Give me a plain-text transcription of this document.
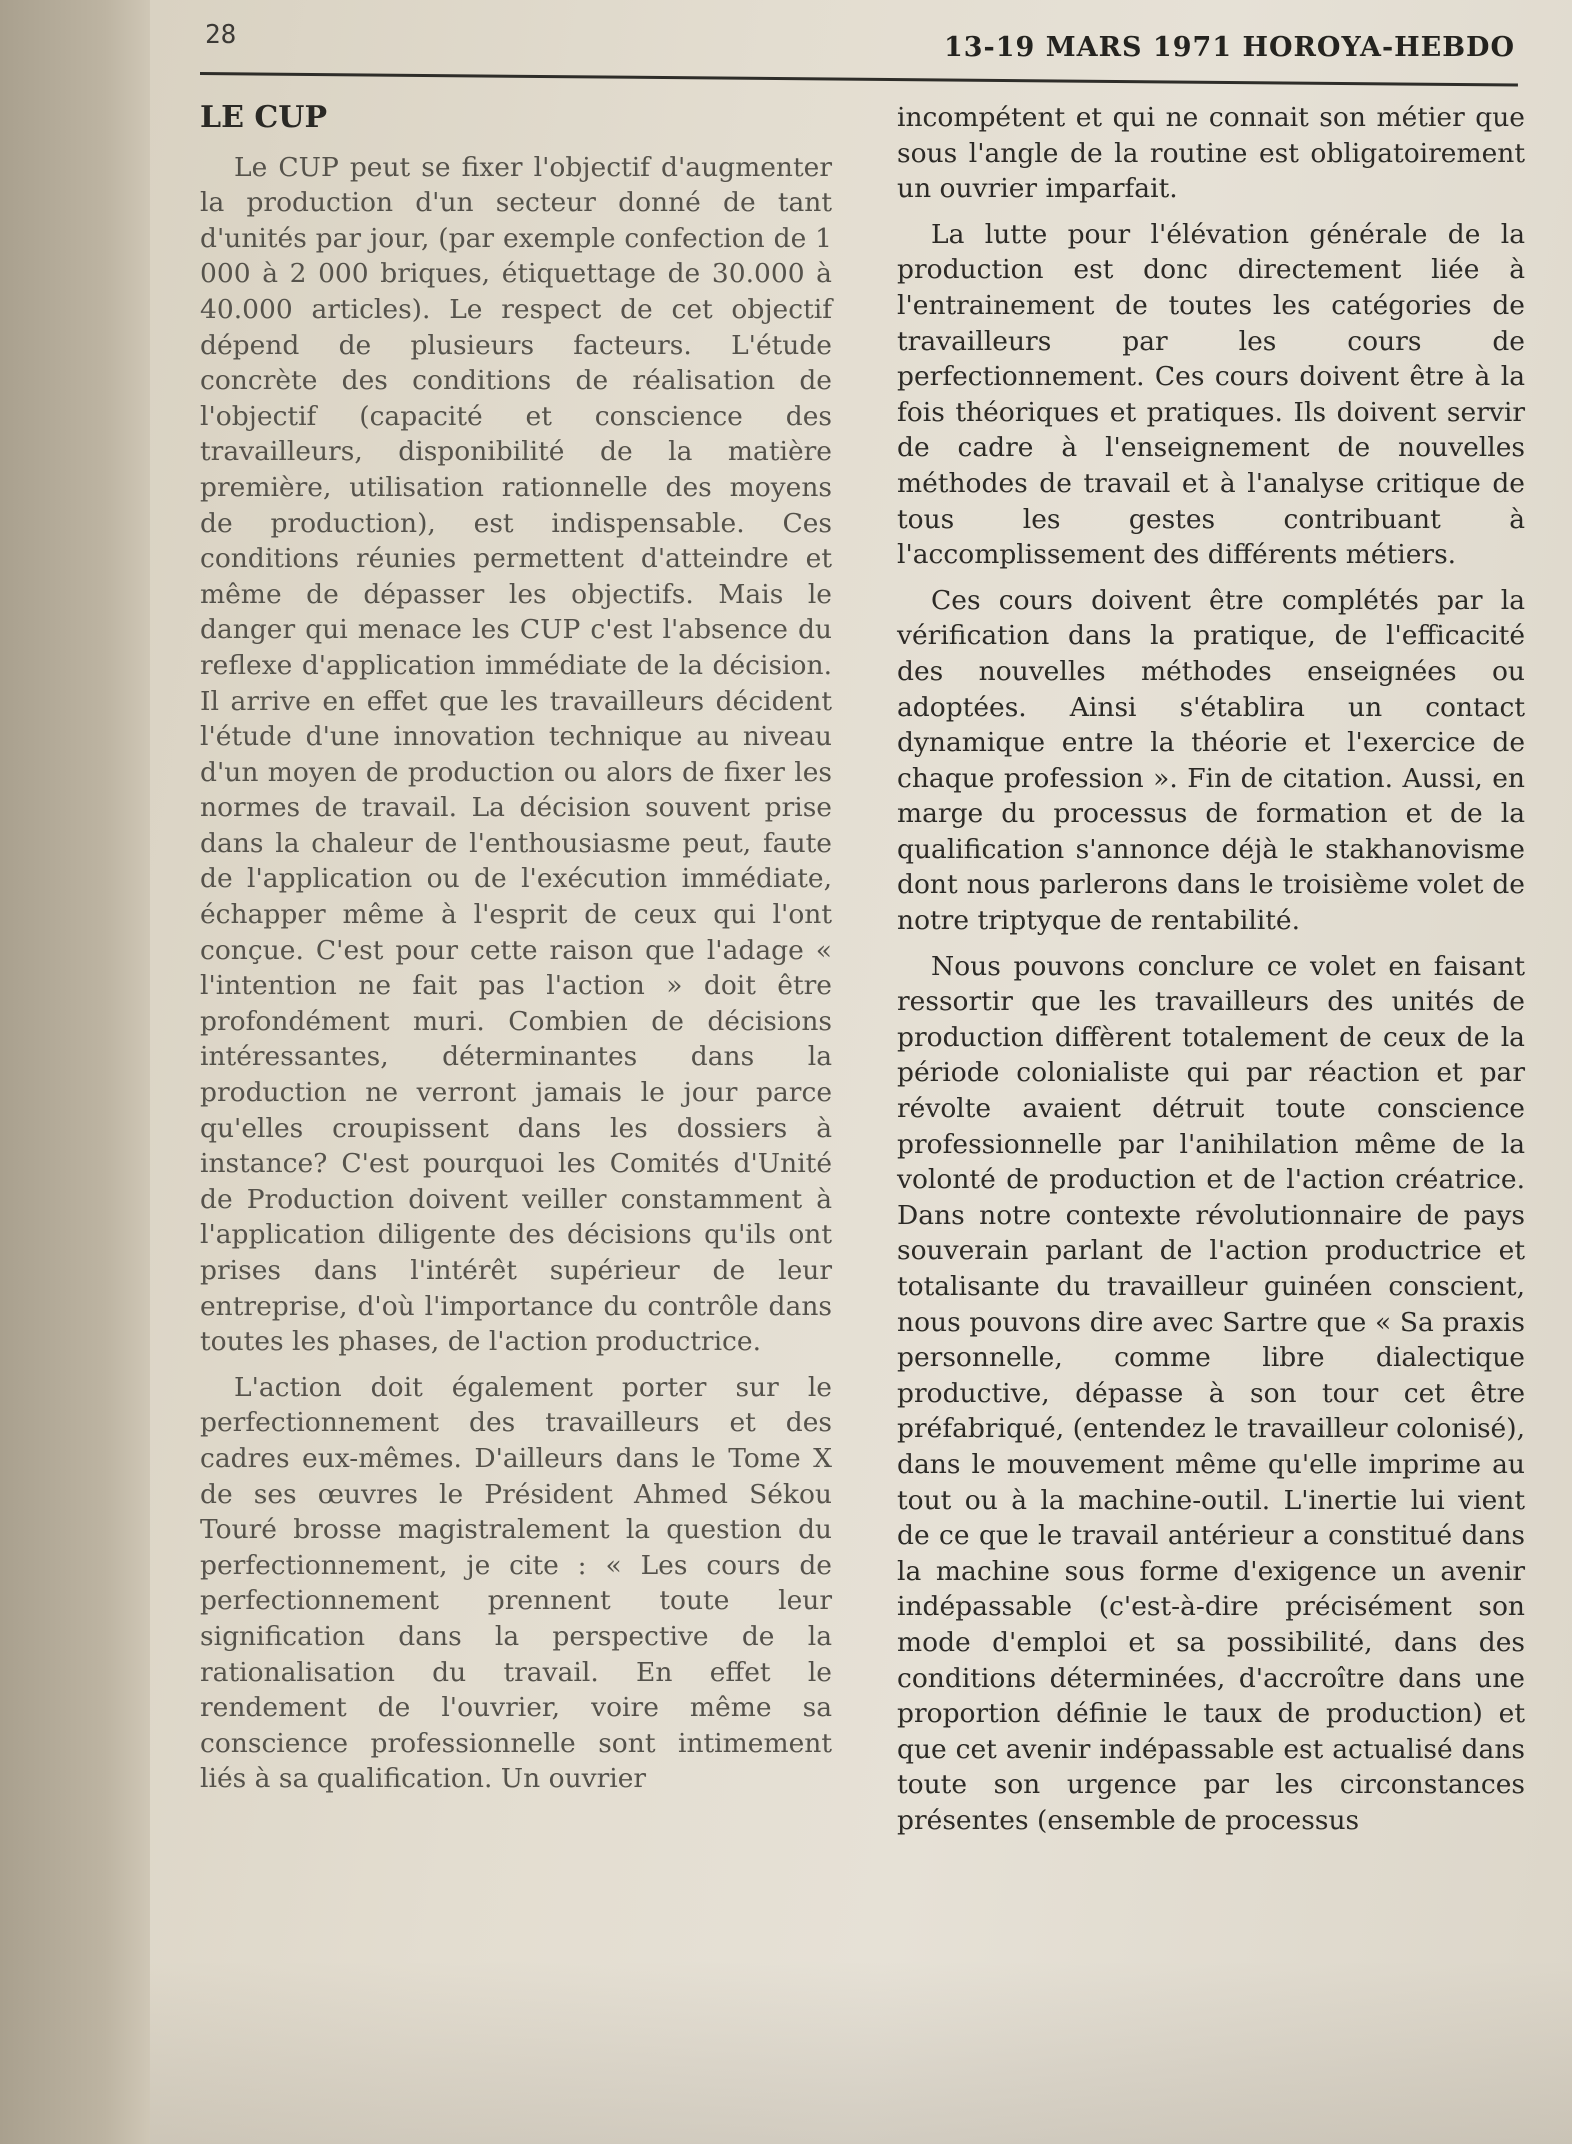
28	13-19 MARS 1971 HOROYA-HEBDO
LE CUP

Le CUP peut se fixer l'objectif d'augmenter la production d'un secteur donné de tant d'unités par jour, (par exemple confection de 1 000 à 2 000 briques, étiquettage de 30.000 à 40.000 articles). Le respect de cet objectif dépend de plusieurs facteurs. L'étude concrète des conditions de réalisation de l'objectif (capacité et conscience des travailleurs, disponibilité de la matière première, utilisation rationnelle des moyens de production), est indispensable. Ces conditions réunies permettent d'atteindre et même de dépasser les objectifs. Mais le danger qui menace les CUP c'est l'absence du reflexe d'application immédiate de la décision. Il arrive en effet que les travailleurs décident l'étude d'une innovation technique au niveau d'un moyen de production ou alors de fixer les normes de travail. La décision souvent prise dans la chaleur de l'enthousiasme peut, faute de l'application ou de l'exécution immédiate, échapper même à l'esprit de ceux qui l'ont conçue. C'est pour cette raison que l'adage « l'intention ne fait pas l'action » doit être profondément muri. Combien de décisions intéressantes, déterminantes dans la production ne verront jamais le jour parce qu'elles croupissent dans les dossiers à instance? C'est pourquoi les Comités d'Unité de Production doivent veiller constamment à l'application diligente des décisions qu'ils ont prises dans l'intérêt supérieur de leur entreprise, d'où l'importance du contrôle dans toutes les phases, de l'action productrice.

L'action doit également porter sur le perfectionnement des travailleurs et des cadres eux-mêmes. D'ailleurs dans le Tome X de ses œuvres le Président Ahmed Sékou Touré brosse magistralement la question du perfectionnement, je cite : « Les cours de perfectionnement prennent toute leur signification dans la perspective de la rationalisation du travail. En effet le rendement de l'ouvrier, voire même sa conscience professionnelle sont intimement liés à sa qualification. Un ouvrier

incompétent et qui ne connait son métier que sous l'angle de la routine est obligatoirement un ouvrier imparfait.

La lutte pour l'élévation générale de la production est donc directement liée à l'entrainement de toutes les catégories de travailleurs par les cours de perfectionnement. Ces cours doivent être à la fois théoriques et pratiques. Ils doivent servir de cadre à l'enseignement de nouvelles méthodes de travail et à l'analyse critique de tous les gestes contribuant à l'accomplissement des différents métiers.

Ces cours doivent être complétés par la vérification dans la pratique, de l'efficacité des nouvelles méthodes enseignées ou adoptées. Ainsi s'établira un contact dynamique entre la théorie et l'exercice de chaque profession ». Fin de citation. Aussi, en marge du processus de formation et de la qualification s'annonce déjà le stakhanovisme dont nous parlerons dans le troisième volet de notre triptyque de rentabilité.

Nous pouvons conclure ce volet en faisant ressortir que les travailleurs des unités de production diffèrent totalement de ceux de la période colonialiste qui par réaction et par révolte avaient détruit toute conscience professionnelle par l'anihilation même de la volonté de production et de l'action créatrice. Dans notre contexte révolutionnaire de pays souverain parlant de l'action productrice et totalisante du travailleur guinéen conscient, nous pouvons dire avec Sartre que « Sa praxis personnelle, comme libre dialectique productive, dépasse à son tour cet être préfabriqué, (entendez le travailleur colonisé), dans le mouvement même qu'elle imprime au tout ou à la machine-outil. L'inertie lui vient de ce que le travail antérieur a constitué dans la machine sous forme d'exigence un avenir indépassable (c'est-à-dire précisément son mode d'emploi et sa possibilité, dans des conditions déterminées, d'accroître dans une proportion définie le taux de production) et que cet avenir indépassable est actualisé dans toute son urgence par les circonstances présentes (ensemble de processus
